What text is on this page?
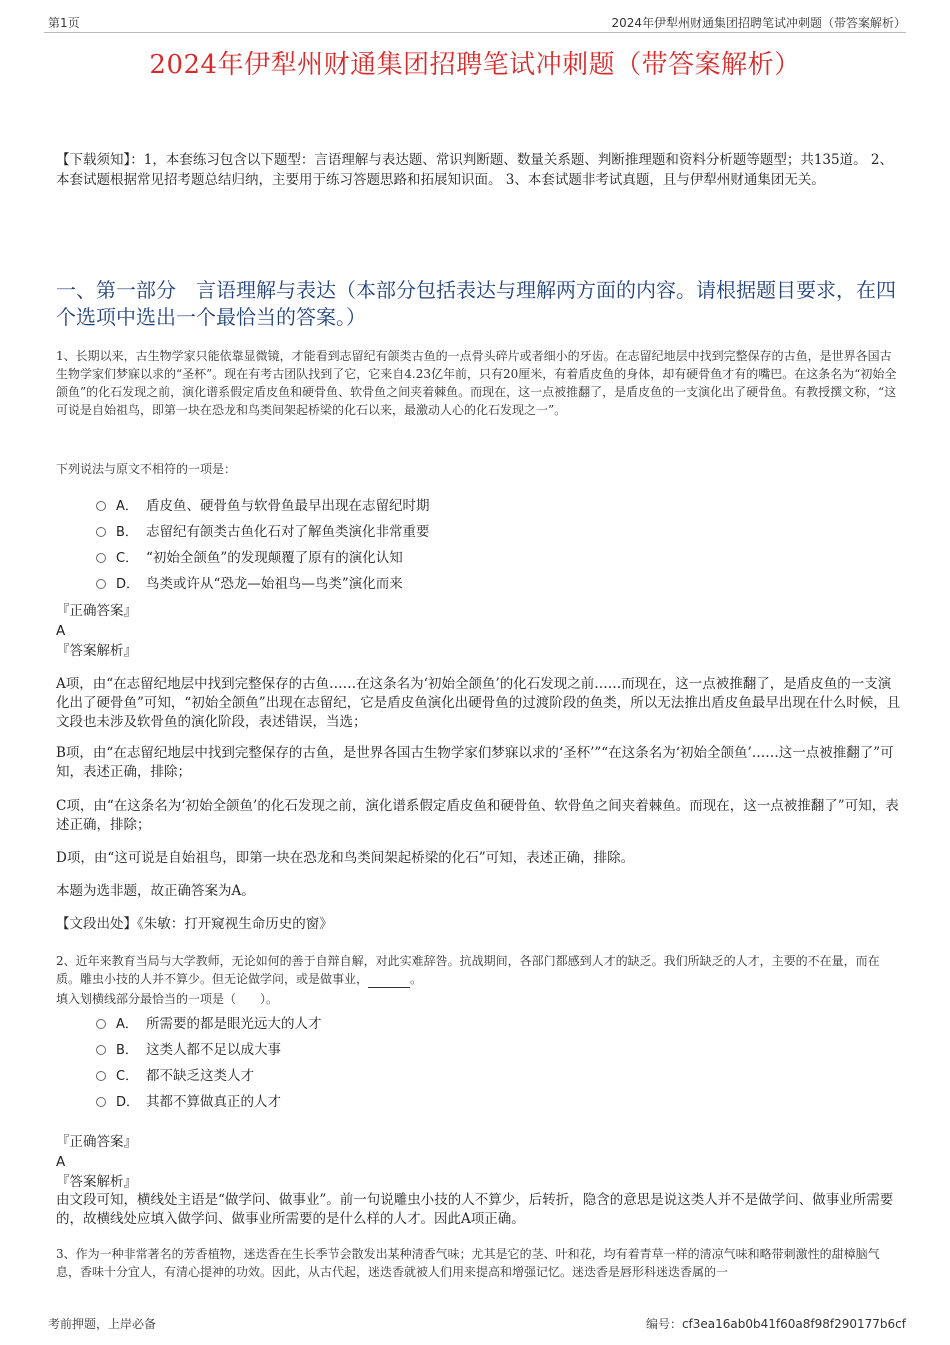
第1页	2024年伊犁州财通集团招聘笔试冲刺题（带答案解析）
2024年伊犁州财通集团招聘笔试冲刺题（带答案解析）
【下载须知】：1，本套练习包含以下题型：言语理解与表达题、常识判断题、数量关系题、判断推理题和资料分析题等题型；共135道。 2、本套试题根据常见招考题总结归纳，主要用于练习答题思路和拓展知识面。 3、本套试题非考试真题，且与伊犁州财通集团无关。
一、第一部分　言语理解与表达（本部分包括表达与理解两方面的内容。请根据题目要求，在四个选项中选出一个最恰当的答案。）
1、长期以来，古生物学家只能依靠显微镜，才能看到志留纪有颌类古鱼的一点骨头碎片或者细小的牙齿。在志留纪地层中找到完整保存的古鱼，是世界各国古生物学家们梦寐以求的“圣杯”。现在有考古团队找到了它，它来自4.23亿年前，只有20厘米，有着盾皮鱼的身体，却有硬骨鱼才有的嘴巴。在这条名为“初始全颌鱼”的化石发现之前，演化谱系假定盾皮鱼和硬骨鱼、软骨鱼之间夹着棘鱼。而现在，这一点被推翻了，是盾皮鱼的一支演化出了硬骨鱼。有教授撰文称，“这可说是自始祖鸟，即第一块在恐龙和鸟类间架起桥梁的化石以来，最激动人心的化石发现之一”。
下列说法与原文不相符的一项是：
A． 盾皮鱼、硬骨鱼与软骨鱼最早出现在志留纪时期
B． 志留纪有颌类古鱼化石对了解鱼类演化非常重要
C． “初始全颌鱼”的发现颠覆了原有的演化认知
D． 鸟类或许从“恐龙—始祖鸟—鸟类”演化而来
『正确答案』
A
『答案解析』
A项，由“在志留纪地层中找到完整保存的古鱼……在这条名为‘初始全颌鱼’的化石发现之前……而现在，这一点被推翻了，是盾皮鱼的一支演化出了硬骨鱼”可知，“初始全颌鱼”出现在志留纪，它是盾皮鱼演化出硬骨鱼的过渡阶段的鱼类，所以无法推出盾皮鱼最早出现在什么时候，且文段也未涉及软骨鱼的演化阶段，表述错误，当选；
B项，由“在志留纪地层中找到完整保存的古鱼，是世界各国古生物学家们梦寐以求的‘圣杯’”“在这条名为‘初始全颌鱼’……这一点被推翻了”可知，表述正确，排除；
C项，由“在这条名为‘初始全颌鱼’的化石发现之前，演化谱系假定盾皮鱼和硬骨鱼、软骨鱼之间夹着棘鱼。而现在，这一点被推翻了”可知，表述正确，排除；
D项，由“这可说是自始祖鸟，即第一块在恐龙和鸟类间架起桥梁的化石”可知，表述正确，排除。
本题为选非题，故正确答案为A。
【文段出处】《朱敏：打开窥视生命历史的窗》
2、近年来教育当局与大学教师，无论如何的善于自辩自解，对此实难辞咎。抗战期间，各部门都感到人才的缺乏。我们所缺乏的人才，主要的不在量，而在质。雕虫小技的人并不算少。但无论做学问，或是做事业，	。
填入划横线部分最恰当的一项是（　　）。
A． 所需要的都是眼光远大的人才
B． 这类人都不足以成大事
C． 都不缺乏这类人才
D． 其都不算做真正的人才
『正确答案』
A
『答案解析』
由文段可知，横线处主语是“做学问、做事业”。前一句说雕虫小技的人不算少，后转折，隐含的意思是说这类人并不是做学问、做事业所需要的，故横线处应填入做学问、做事业所需要的是什么样的人才。因此A项正确。
3、作为一种非常著名的芳香植物，迷迭香在生长季节会散发出某种清香气味；尤其是它的茎、叶和花，均有着青草一样的清凉气味和略带刺激性的甜樟脑气息，香味十分宜人，有清心提神的功效。因此，从古代起，迷迭香就被人们用来提高和增强记忆。迷迭香是唇形科迷迭香属的一
考前押题，上岸必备	编号：cf3ea16ab0b41f60a8f98f290177b6cf
